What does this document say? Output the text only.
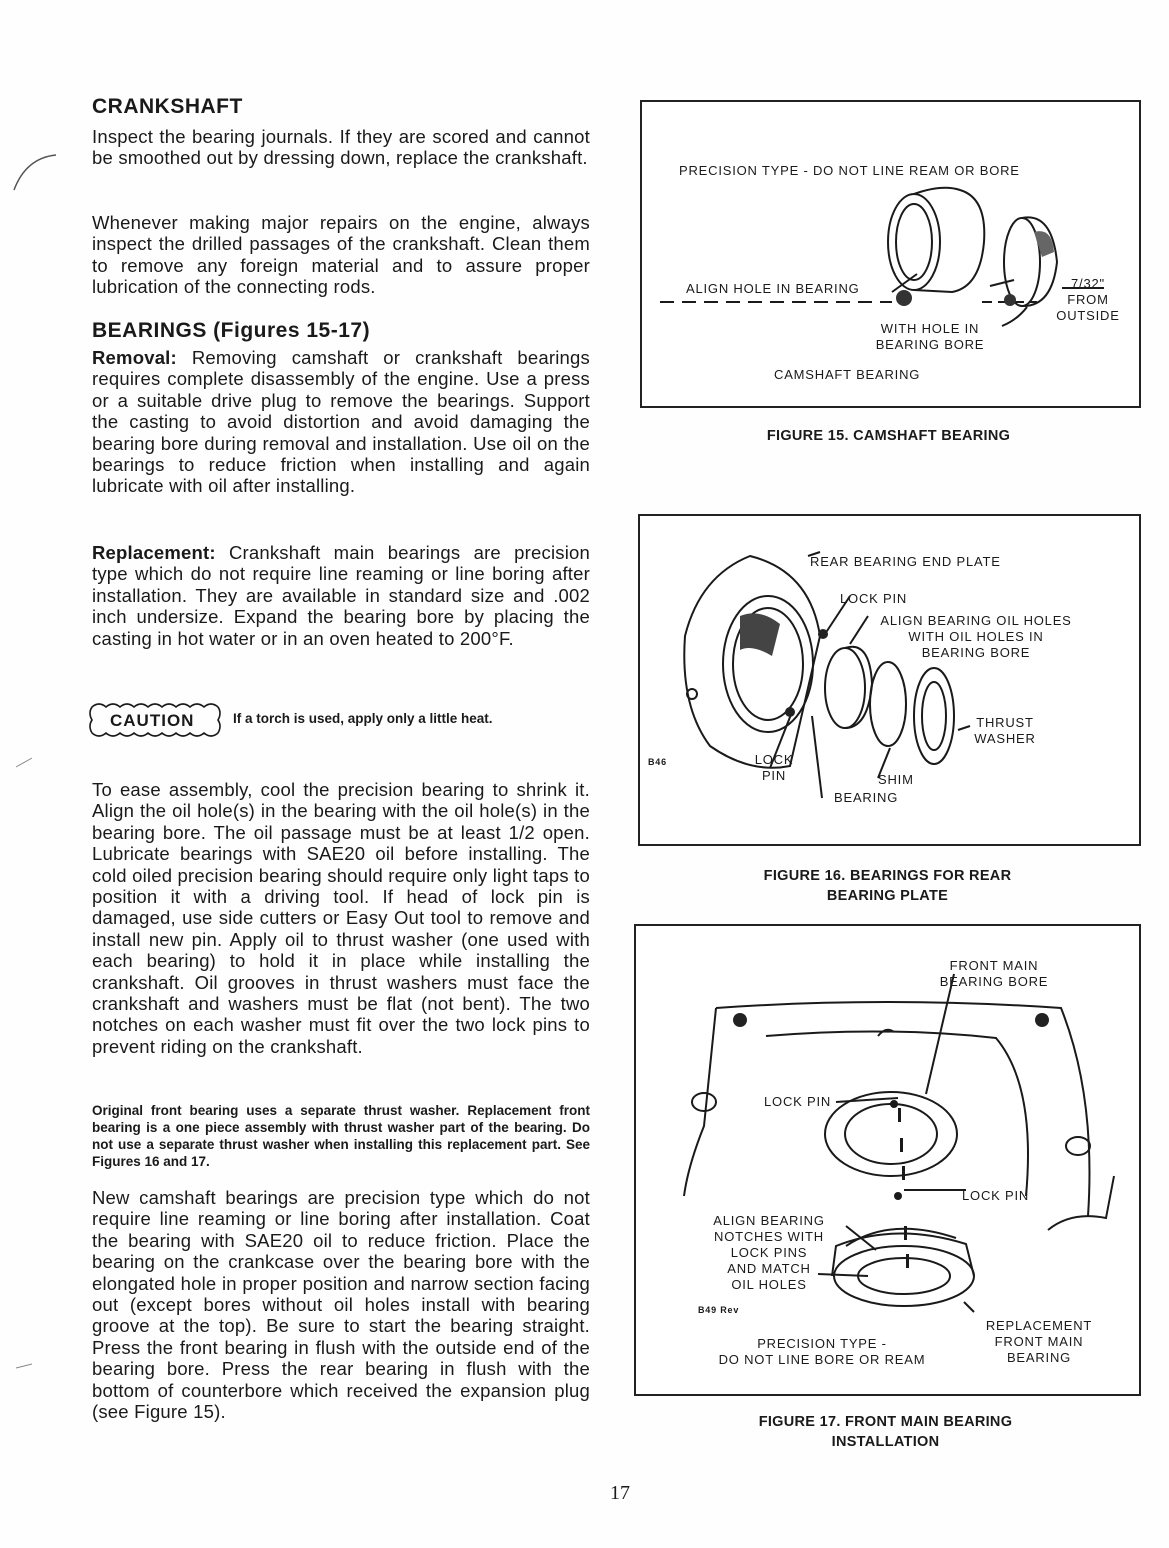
CRANKSHAFT

Inspect the bearing journals. If they are scored and cannot be smoothed out by dressing down, replace the crankshaft.

Whenever making major repairs on the engine, always inspect the drilled passages of the crankshaft. Clean them to remove any foreign material and to assure proper lubrication of the connecting rods.

BEARINGS (Figures 15-17)

Removal: Removing camshaft or crankshaft bearings requires complete disassembly of the engine. Use a press or a suitable drive plug to remove the bearings. Support the casting to avoid distortion and avoid damaging the bearing bore during removal and installation. Use oil on the bearings to reduce friction when installing and again lubricate with oil after installing.

Replacement: Crankshaft main bearings are precision type which do not require line reaming or line boring after installation. They are available in standard size and .002 inch undersize. Expand the bearing bore by placing the casting in hot water or in an oven heated to 200°F.

CAUTION	If a torch is used, apply only a little heat.

To ease assembly, cool the precision bearing to shrink it. Align the oil hole(s) in the bearing with the oil hole(s) in the bearing bore. The oil passage must be at least 1/2 open. Lubricate bearings with SAE20 oil before installing. The cold oiled precision bearing should require only light taps to position it with a driving tool. If head of lock pin is damaged, use side cutters or Easy Out tool to remove and install new pin. Apply oil to thrust washer (one used with each bearing) to hold it in place while installing the crankshaft. Oil grooves in thrust washers must face the crankshaft and washers must be flat (not bent). The two notches on each washer must fit over the two lock pins to prevent riding on the crankshaft.

Original front bearing uses a separate thrust washer. Replacement front bearing is a one piece assembly with thrust washer part of the bearing. Do not use a separate thrust washer when installing this replacement part. See Figures 16 and 17.

New camshaft bearings are precision type which do not require line reaming or line boring after installation. Coat the bearing with SAE20 oil to reduce friction. Place the bearing on the crankcase over the bearing bore with the elongated hole in proper position and narrow section facing out (except bores without oil holes install with bearing groove at the top). Be sure to start the bearing straight. Press the front bearing in flush with the outside end of the bearing bore. Press the rear bearing in flush with the bottom of counterbore which received the expansion plug (see Figure 15).

PRECISION TYPE - DO NOT LINE REAM OR BORE
ALIGN HOLE IN BEARING
WITH HOLE IN
BEARING BORE
7/32"
FROM
OUTSIDE
CAMSHAFT BEARING
FIGURE 15. CAMSHAFT BEARING
REAR BEARING END PLATE
LOCK PIN
ALIGN BEARING OIL HOLES
WITH OIL HOLES IN
BEARING BORE
THRUST
WASHER
B46	LOCK
PIN	SHIM
BEARING
FIGURE 16. BEARINGS FOR REAR
BEARING PLATE
FRONT MAIN
BEARING BORE
LOCK PIN
LOCK PIN
ALIGN BEARING
NOTCHES WITH
LOCK PINS
AND MATCH
OIL HOLES
B49 Rev
PRECISION TYPE -
DO NOT LINE BORE OR REAM
REPLACEMENT
FRONT MAIN
BEARING
FIGURE 17. FRONT MAIN BEARING
INSTALLATION
17
